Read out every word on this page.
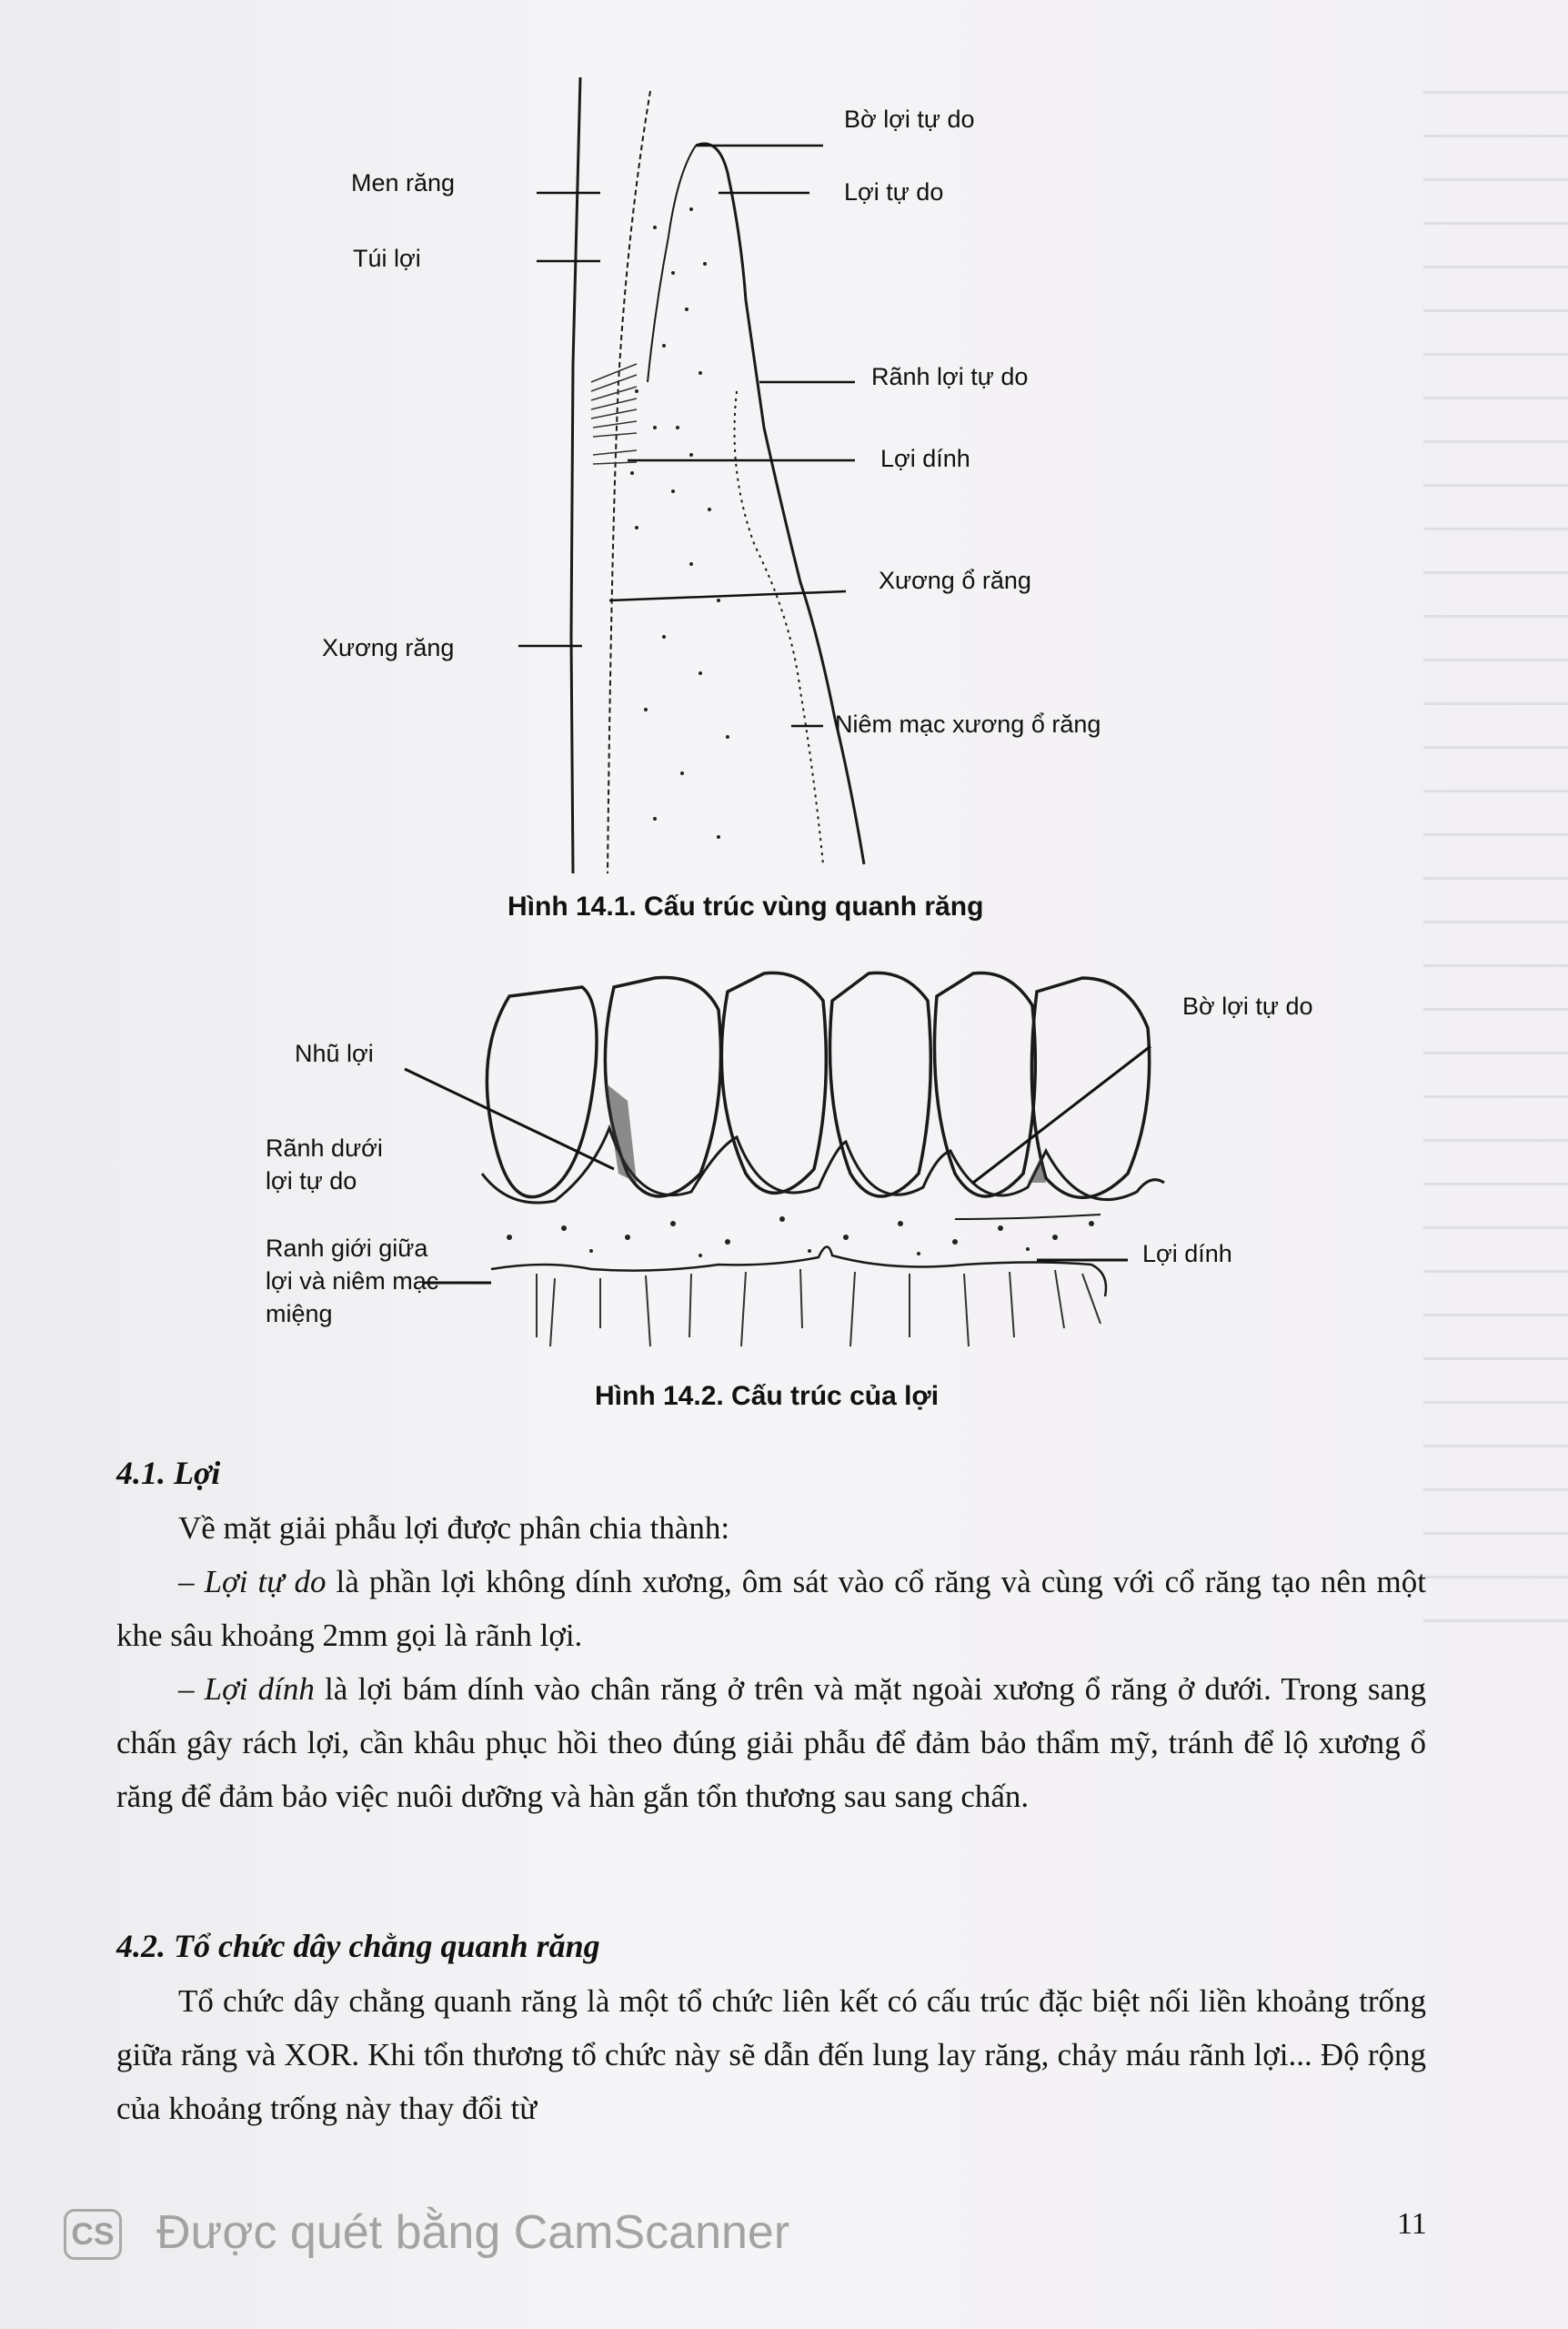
Bờ lợi tự do
Men răng	Lợi tự do
Túi lợi
Rãnh lợi tự do
Lợi dính
Xương ổ răng
Xương răng
Niêm mạc xương ổ răng
Hình 14.1. Cấu trúc vùng quanh răng
Bờ lợi tự do
Nhũ lợi
Rãnh dưới
lợi tự do
Ranh giới giữa
lợi và niêm mạc
miệng
Lợi dính
Hình 14.2. Cấu trúc của lợi
4.1. Lợi

Về mặt giải phẫu lợi được phân chia thành:

– Lợi tự do là phần lợi không dính xương, ôm sát vào cổ răng và cùng với cổ răng tạo nên một khe sâu khoảng 2mm gọi là rãnh lợi.

– Lợi dính là lợi bám dính vào chân răng ở trên và mặt ngoài xương ổ răng ở dưới. Trong sang chấn gây rách lợi, cần khâu phục hồi theo đúng giải phẫu để đảm bảo thẩm mỹ, tránh để lộ xương ổ răng để đảm bảo việc nuôi dưỡng và hàn gắn tổn thương sau sang chấn.

4.2. Tổ chức dây chằng quanh răng

Tổ chức dây chằng quanh răng là một tổ chức liên kết có cấu trúc đặc biệt nối liền khoảng trống giữa răng và XOR. Khi tổn thương tổ chức này sẽ dẫn đến lung lay răng, chảy máu rãnh lợi... Độ rộng của khoảng trống này thay đổi từ

CS Được quét bằng CamScanner	11
